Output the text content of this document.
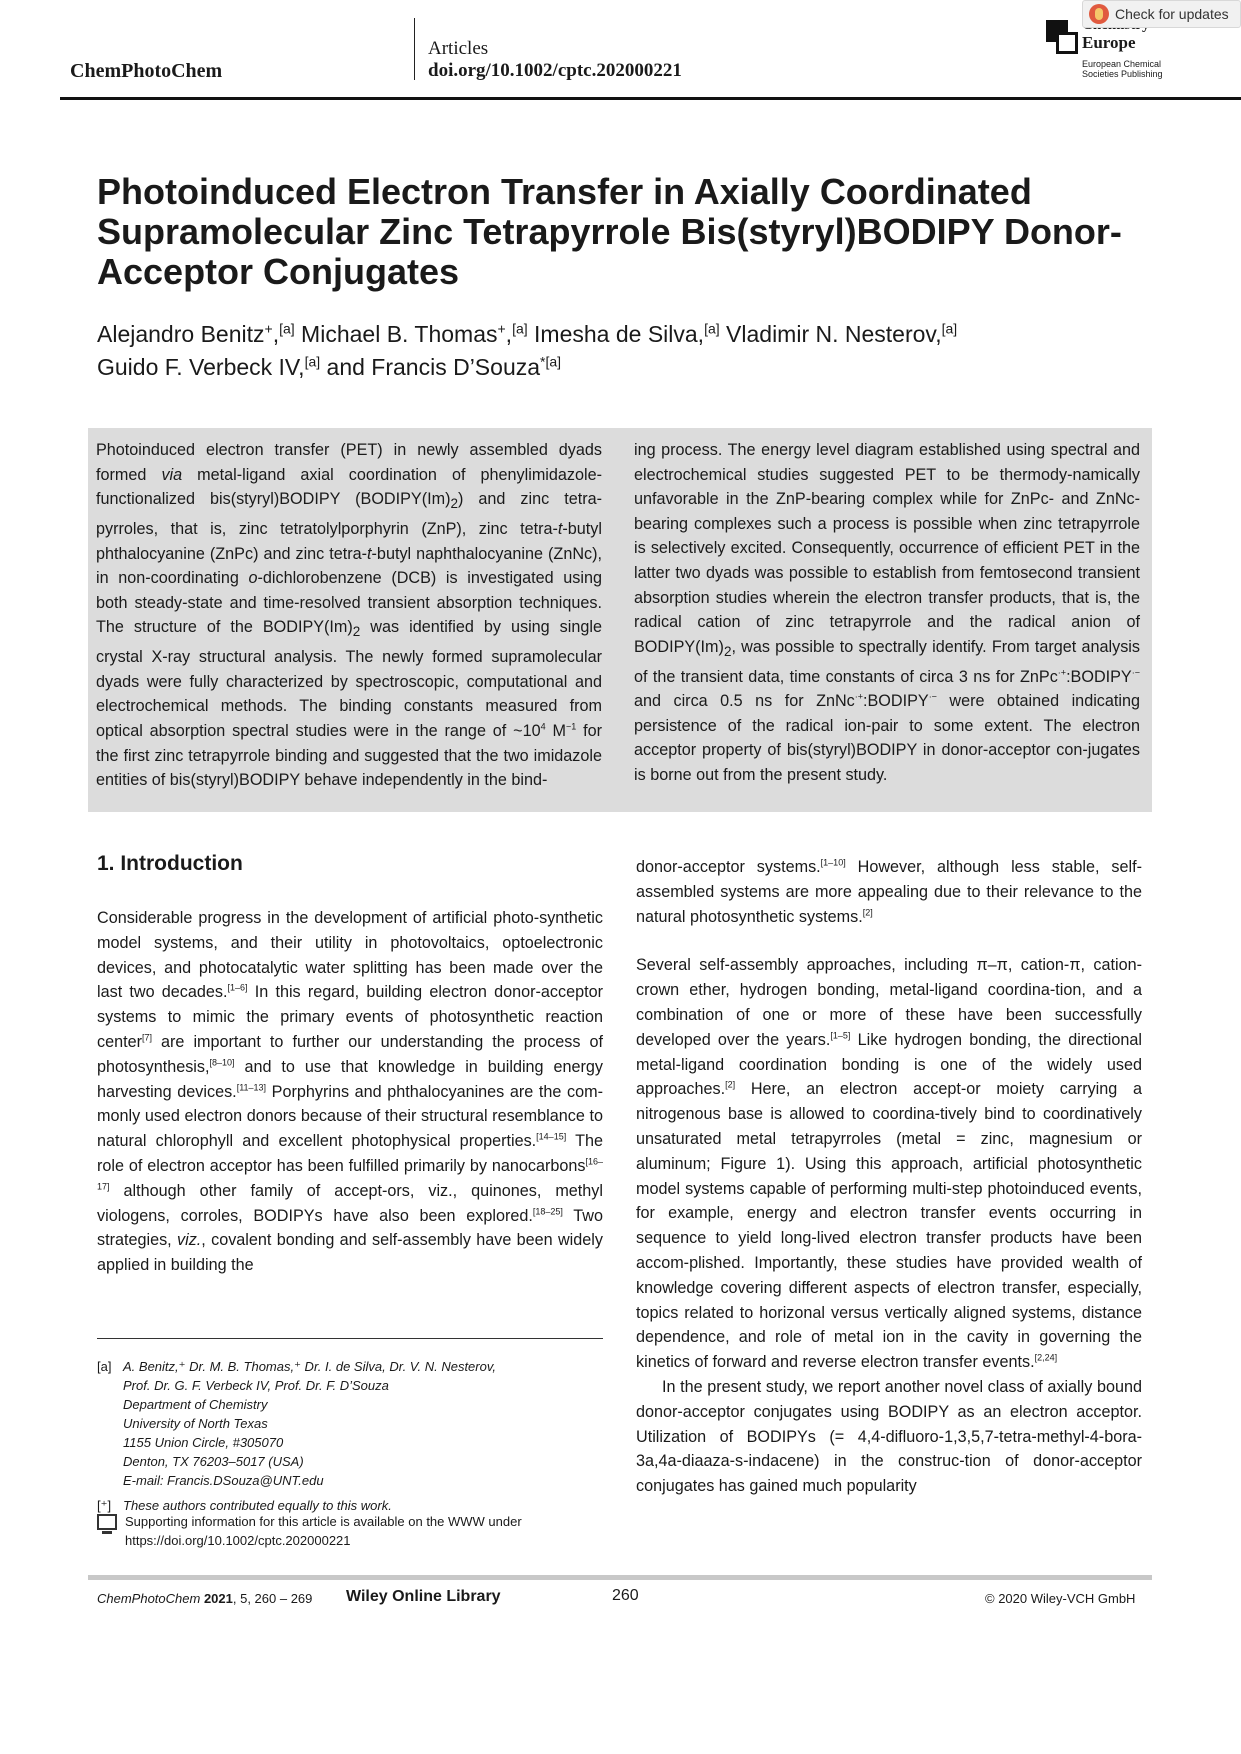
ChemPhotoChem
Articles
doi.org/10.1002/cptc.202000221
Europe
European Chemical
Societies Publishing
Check for updates
Photoinduced Electron Transfer in Axially Coordinated Supramolecular Zinc Tetrapyrrole Bis(styryl)BODIPY Donor-Acceptor Conjugates
Alejandro Benitz+,[a] Michael B. Thomas+,[a] Imesha de Silva,[a] Vladimir N. Nesterov,[a]
Guido F. Verbeck IV,[a] and Francis D’Souza$^{*[a]}$
Photoinduced electron transfer (PET) in newly assembled dyads formed via metal-ligand axial coordination of phenylimidazole-functionalized bis(styryl)BODIPY $(BODIPY(Im)_2)$ and zinc tetra-pyrroles, that is, zinc tetratolylporphyrin (ZnP), zinc tetra-t-butyl phthalocyanine (ZnPc) and zinc tetra-t-butyl naphthalocyanine (ZnNc), in non-coordinating o-dichlorobenzene (DCB) is investigated using both steady-state and time-resolved transient absorption techniques. The structure of the $BODIPY(Im)_2$ was identified by using single crystal X-ray structural analysis. The newly formed supramolecular dyads were fully characterized by spectroscopic, computational and electrochemical methods. The binding constants measured from optical absorption spectral studies were in the range of $\sim 10^4$ $M^{-1}$ for the first zinc tetrapyrrole binding and suggested that the two imidazole entities of bis(styryl)BODIPY behave independently in the bind-
ing process. The energy level diagram established using spectral and electrochemical studies suggested PET to be thermody-namically unfavorable in the ZnP-bearing complex while for ZnPc- and ZnNc-bearing complexes such a process is possible when zinc tetrapyrrole is selectively excited. Consequently, occurrence of efficient PET in the latter two dyads was possible to establish from femtosecond transient absorption studies wherein the electron transfer products, that is, the radical cation of zinc tetrapyrrole and the radical anion of $BODIPY(Im)_2$, was possible to spectrally identify. From target analysis of the transient data, time constants of circa 3 ns for ZnPc·+:BODIPY·− and circa 0.5 ns for ZnNc·+:BODIPY·− were obtained indicating persistence of the radical ion-pair to some extent. The electron acceptor property of bis(styryl)BODIPY in donor-acceptor con-jugates is borne out from the present study.
1. Introduction

Considerable progress in the development of artificial photo-synthetic model systems, and their utility in photovoltaics, optoelectronic devices, and photocatalytic water splitting has been made over the last two decades.[1–6] In this regard, building electron donor-acceptor systems to mimic the primary events of photosynthetic reaction center[7] are important to further our understanding the process of photosynthesis,[8–10] and to use that knowledge in building energy harvesting devices.[11–13] Porphyrins and phthalocyanines are the com-monly used electron donors because of their structural resemblance to natural chlorophyll and excellent photophysical properties.[14–15] The role of electron acceptor has been fulfilled primarily by nanocarbons[16–17] although other family of accept-ors, viz., quinones, methyl viologens, corroles, BODIPYs have also been explored.[18–25] Two strategies, viz., covalent bonding and self-assembly have been widely applied in building the

[a] A. Benitz,⁺ Dr. M. B. Thomas,⁺ Dr. I. de Silva, Dr. V. N. Nesterov,
Prof. Dr. G. F. Verbeck IV, Prof. Dr. F. D’Souza
Department of Chemistry
University of North Texas
1155 Union Circle, #305070
Denton, TX 76203–5017 (USA)
E-mail: Francis.DSouza@UNT.edu
[⁺] These authors contributed equally to this work.
Supporting information for this article is available on the WWW under
https://doi.org/10.1002/cptc.202000221

donor-acceptor systems.[1–10] However, although less stable, self-assembled systems are more appealing due to their relevance to the natural photosynthetic systems.[2]

Several self-assembly approaches, including π–π, cation-π, cation-crown ether, hydrogen bonding, metal-ligand coordina-tion, and a combination of one or more of these have been successfully developed over the years.[1–5] Like hydrogen bonding, the directional metal-ligand coordination bonding is one of the widely used approaches.[2] Here, an electron accept-or moiety carrying a nitrogenous base is allowed to coordina-tively bind to coordinatively unsaturated metal tetrapyrroles (metal = zinc, magnesium or aluminum; Figure 1). Using this approach, artificial photosynthetic model systems capable of performing multi-step photoinduced events, for example, energy and electron transfer events occurring in sequence to yield long-lived electron transfer products have been accom-plished. Importantly, these studies have provided wealth of knowledge covering different aspects of electron transfer, especially, topics related to horizonal versus vertically aligned systems, distance dependence, and role of metal ion in the cavity in governing the kinetics of forward and reverse electron transfer events.[2,24]

In the present study, we report another novel class of axially bound donor-acceptor conjugates using BODIPY as an electron acceptor. Utilization of BODIPYs (= 4,4-difluoro-1,3,5,7-tetra-methyl-4-bora-3a,4a-diaaza-s-indacene) in the construc-tion of donor-acceptor conjugates has gained much popularity

ChemPhotoChem 2021, 5, 260 – 269 Wiley Online Library	260	© 2020 Wiley-VCH GmbH
